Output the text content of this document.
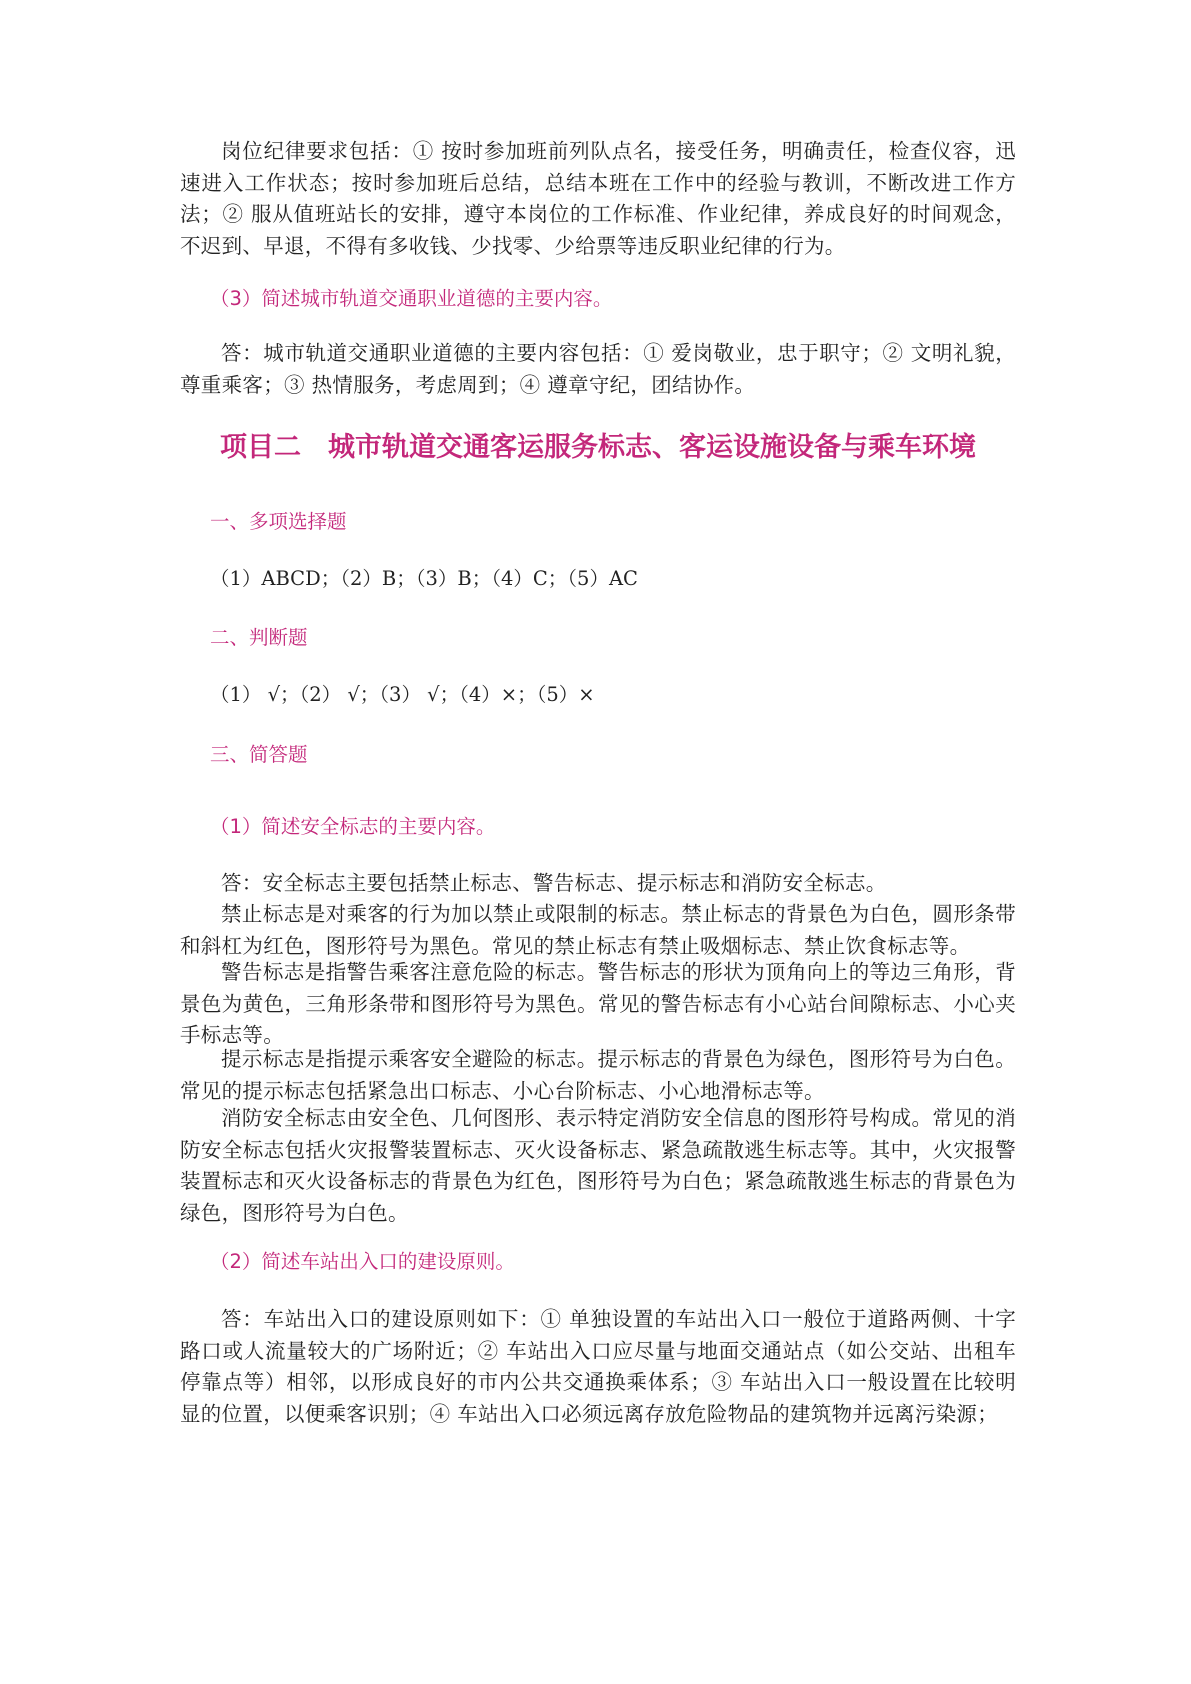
岗位纪律要求包括：① 按时参加班前列队点名，接受任务，明确责任，检查仪容，迅速进入工作状态；按时参加班后总结，总结本班在工作中的经验与教训，不断改进工作方法；② 服从值班站长的安排，遵守本岗位的工作标准、作业纪律，养成良好的时间观念，不迟到、早退，不得有多收钱、少找零、少给票等违反职业纪律的行为。

（3）简述城市轨道交通职业道德的主要内容。

答：城市轨道交通职业道德的主要内容包括：① 爱岗敬业，忠于职守；② 文明礼貌，尊重乘客；③ 热情服务，考虑周到；④ 遵章守纪，团结协作。

项目二　城市轨道交通客运服务标志、客运设施设备与乘车环境

一、多项选择题

（1）ABCD；（2）B；（3）B；（4）C；（5）AC

二、判断题

（1） √；（2） √；（3） √；（4）×；（5）×

三、简答题

（1）简述安全标志的主要内容。

答：安全标志主要包括禁止标志、警告标志、提示标志和消防安全标志。

禁止标志是对乘客的行为加以禁止或限制的标志。禁止标志的背景色为白色，圆形条带和斜杠为红色，图形符号为黑色。常见的禁止标志有禁止吸烟标志、禁止饮食标志等。

警告标志是指警告乘客注意危险的标志。警告标志的形状为顶角向上的等边三角形，背景色为黄色，三角形条带和图形符号为黑色。常见的警告标志有小心站台间隙标志、小心夹手标志等。

提示标志是指提示乘客安全避险的标志。提示标志的背景色为绿色，图形符号为白色。常见的提示标志包括紧急出口标志、小心台阶标志、小心地滑标志等。

消防安全标志由安全色、几何图形、表示特定消防安全信息的图形符号构成。常见的消防安全标志包括火灾报警装置标志、灭火设备标志、紧急疏散逃生标志等。其中，火灾报警装置标志和灭火设备标志的背景色为红色，图形符号为白色；紧急疏散逃生标志的背景色为绿色，图形符号为白色。

（2）简述车站出入口的建设原则。

答：车站出入口的建设原则如下：① 单独设置的车站出入口一般位于道路两侧、十字路口或人流量较大的广场附近；② 车站出入口应尽量与地面交通站点（如公交站、出租车停靠点等）相邻，以形成良好的市内公共交通换乘体系；③ 车站出入口一般设置在比较明显的位置，以便乘客识别；④ 车站出入口必须远离存放危险物品的建筑物并远离污染源；
